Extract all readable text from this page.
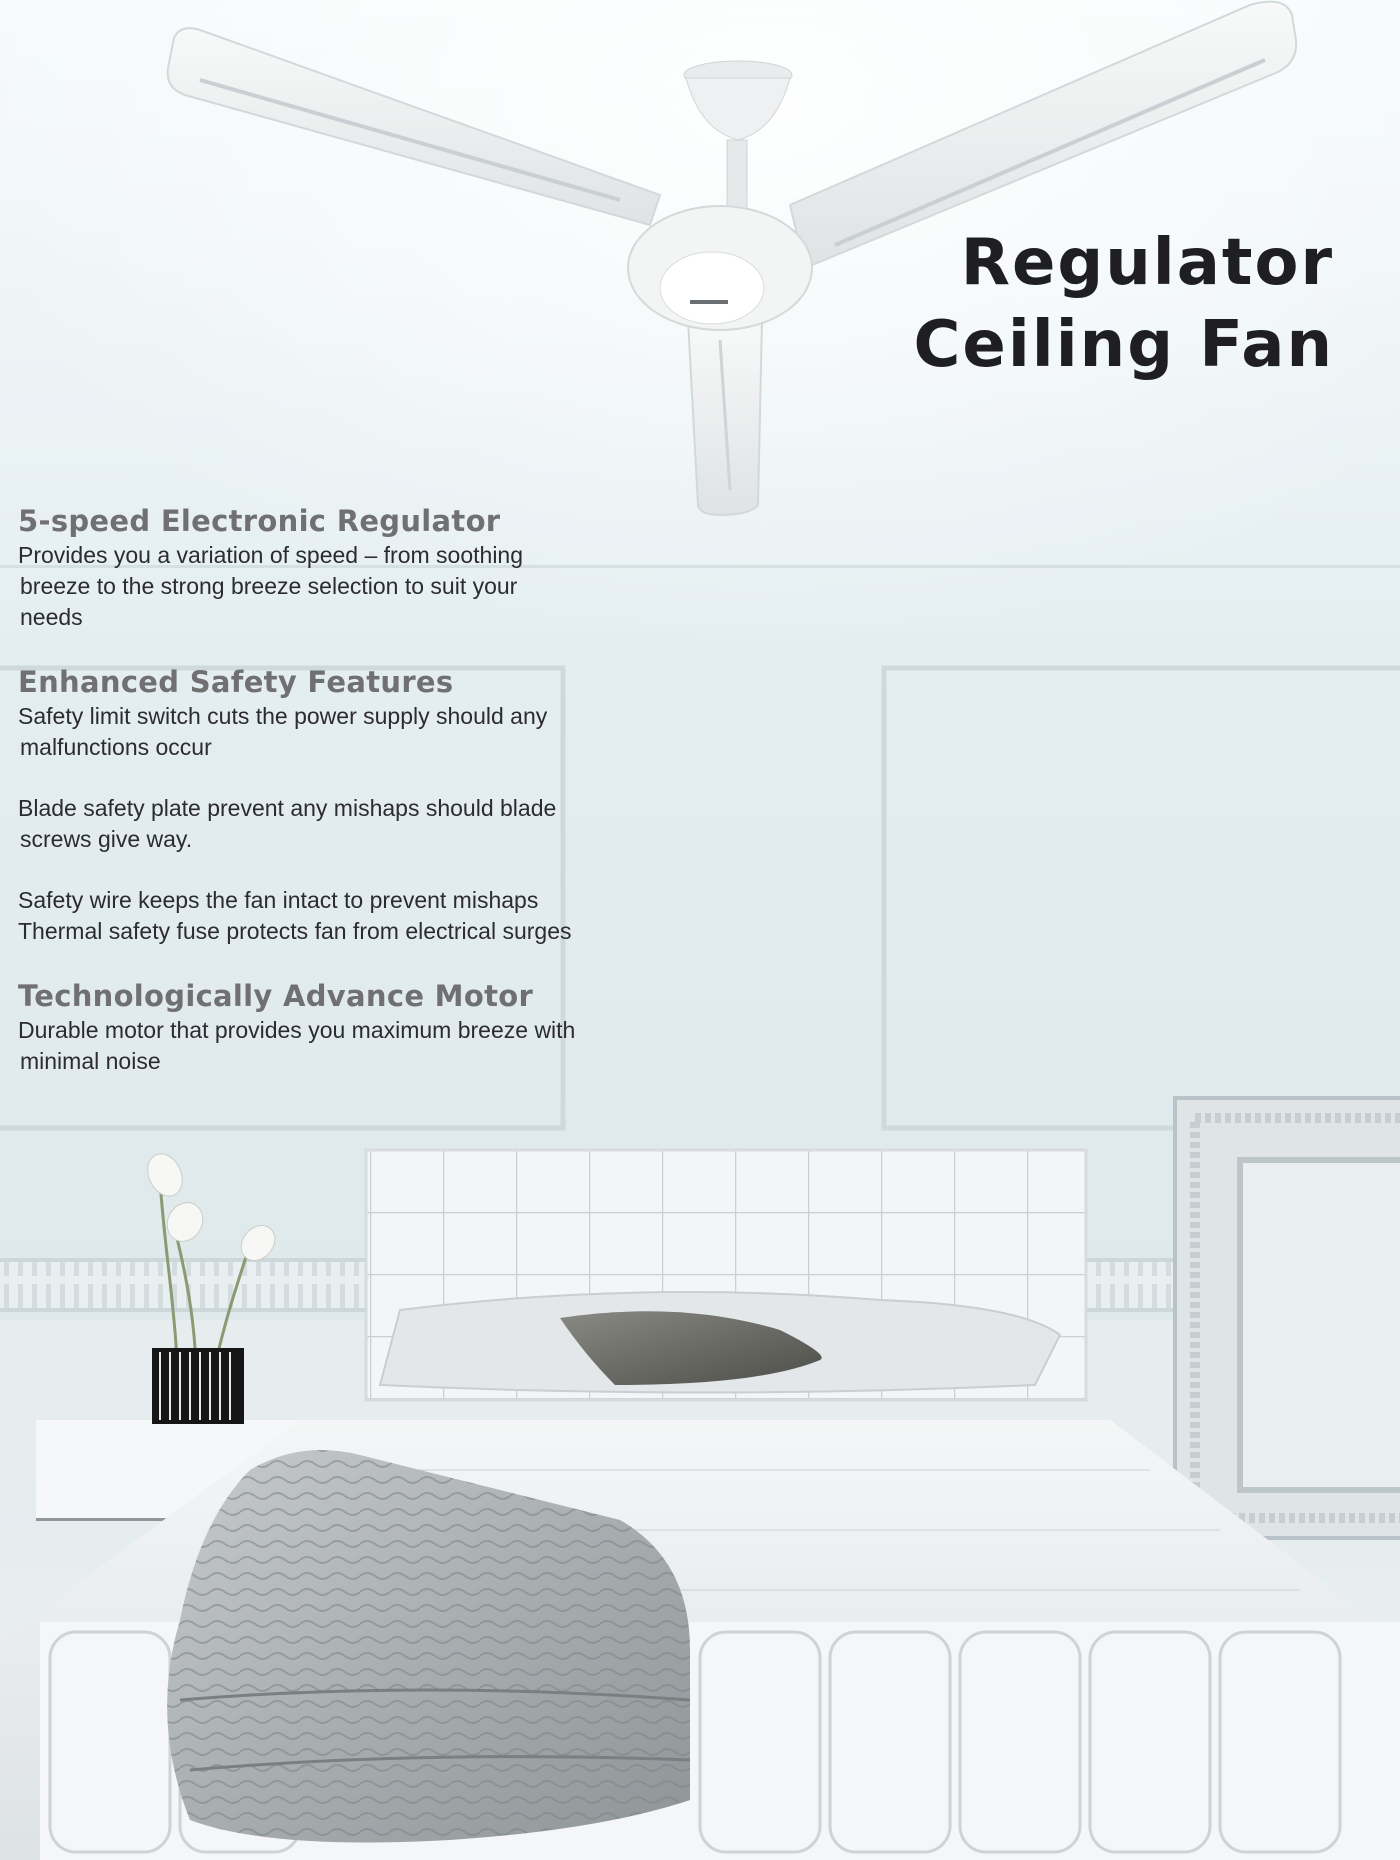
Regulator
Ceiling Fan
5-speed Electronic Regulator

Provides you a variation of speed – from soothing
breeze to the strong breeze selection to suit your needs

Enhanced Safety Features

Safety limit switch cuts the power supply should any
malfunctions occur

Blade safety plate prevent any mishaps should blade
screws give way.

Safety wire keeps the fan intact to prevent mishaps
Thermal safety fuse protects fan from electrical surges

Technologically Advance Motor

Durable motor that provides you maximum breeze with
minimal noise
